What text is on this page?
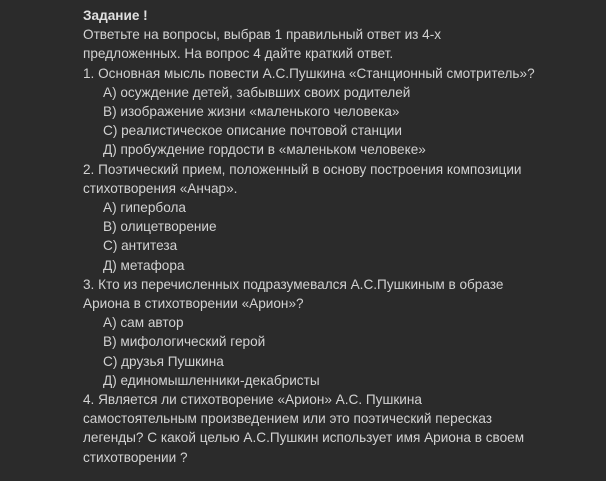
Задание !

Ответьте на вопросы, выбрав 1 правильный ответ из 4-х

предложенных. На вопрос 4 дайте краткий ответ.

1. Основная мысль повести А.С.Пушкина «Станционный смотритель»?

А) осуждение детей, забывших своих родителей

В) изображение жизни «маленького человека»

С) реалистическое описание почтовой станции

Д) пробуждение гордости в «маленьком человеке»

2. Поэтический прием, положенный в основу построения композиции

стихотворения «Анчар».

А) гипербола

В) олицетворение

С) антитеза

Д) метафора

3. Кто из перечисленных подразумевался А.С.Пушкиным в образе

Ариона в стихотворении «Арион»?

А) сам автор

В) мифологический герой

С) друзья Пушкина

Д) единомышленники-декабристы

4. Является ли стихотворение «Арион» А.С. Пушкина

самостоятельным произведением или это поэтический пересказ

легенды? С какой целью А.С.Пушкин использует имя Ариона в своем

стихотворении ?
